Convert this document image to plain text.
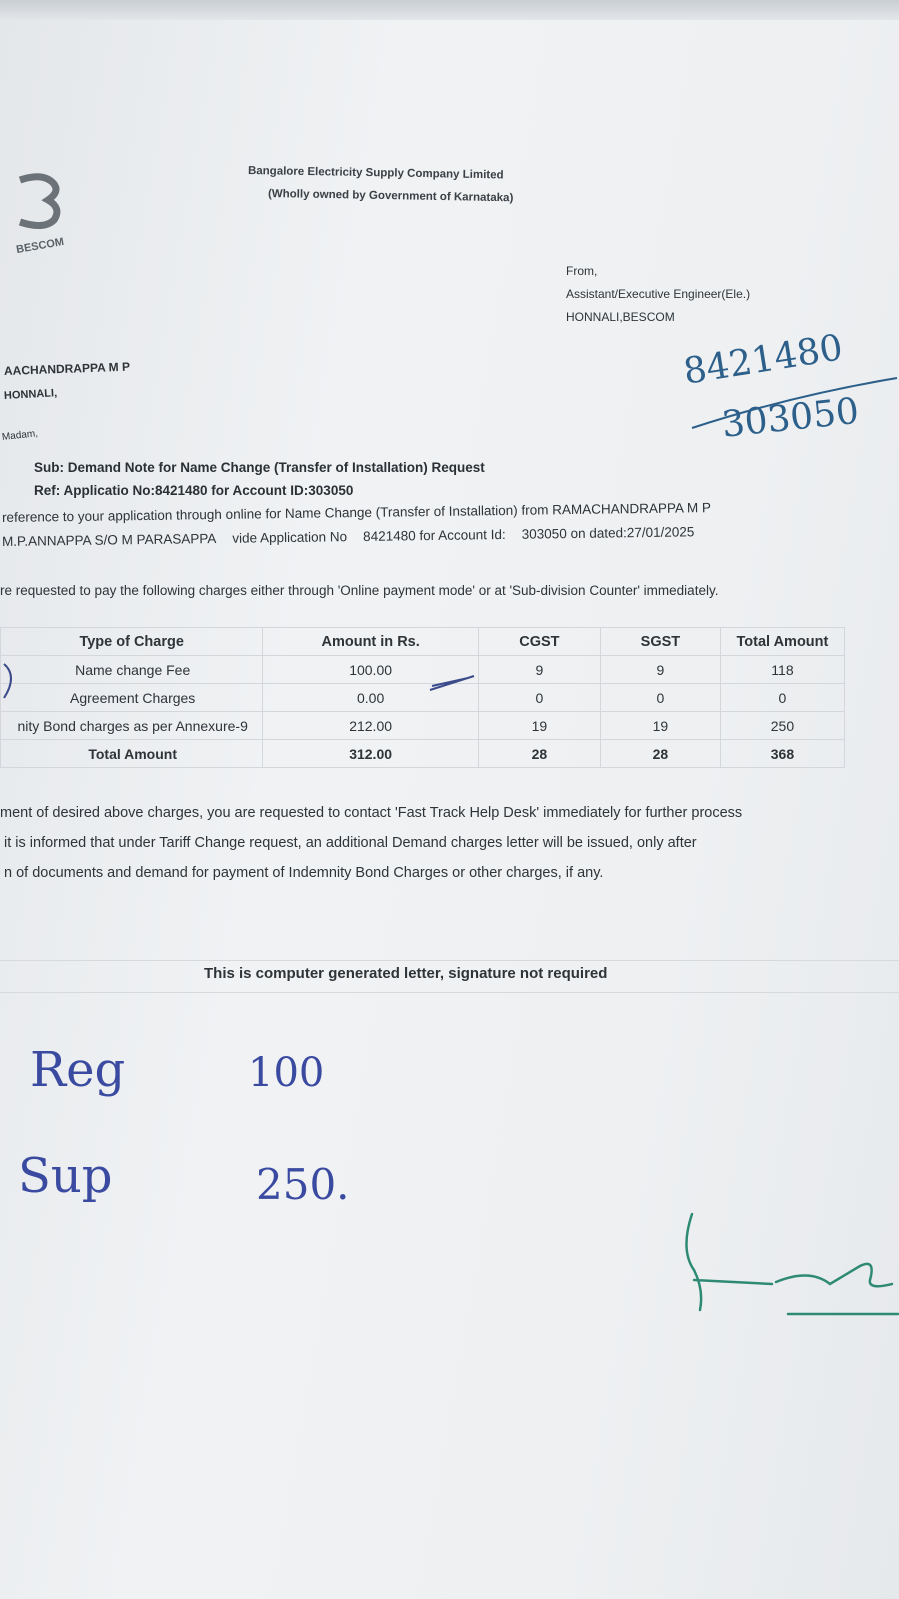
BESCOM
Bangalore Electricity Supply Company Limited
(Wholly owned by Government of Karnataka)
From,
Assistant/Executive Engineer(Ele.)
HONNALI,BESCOM
AACHANDRAPPA M P
HONNALI,
Madam,
Sub: Demand Note for Name Change (Transfer of Installation) Request
Ref: Applicatio No:8421480 for Account ID:303050
reference to your application through online for Name Change (Transfer of Installation) from RAMACHANDRAPPA M P
M.P.ANNAPPA S/O M PARASAPPA vide Application No 8421480 for Account Id: 303050 on dated:27/01/2025
re requested to pay the following charges either through 'Online payment mode' or at 'Sub-division Counter' immediately.
Type of Charge	Amount in Rs.	CGST	SGST	Total Amount
Name change Fee	100.00	9	9	118
Agreement Charges	0.00	0	0	0
nity Bond charges as per Annexure-9	212.00	19	19	250
Total Amount	312.00	28	28	368
ment of desired above charges, you are requested to contact 'Fast Track Help Desk' immediately for further process
it is informed that under Tariff Change request, an additional Demand charges letter will be issued, only after
n of documents and demand for payment of Indemnity Bond Charges or other charges, if any.
This is computer generated letter, signature not required
8421480
303050
Reg	100
Sup	250.
